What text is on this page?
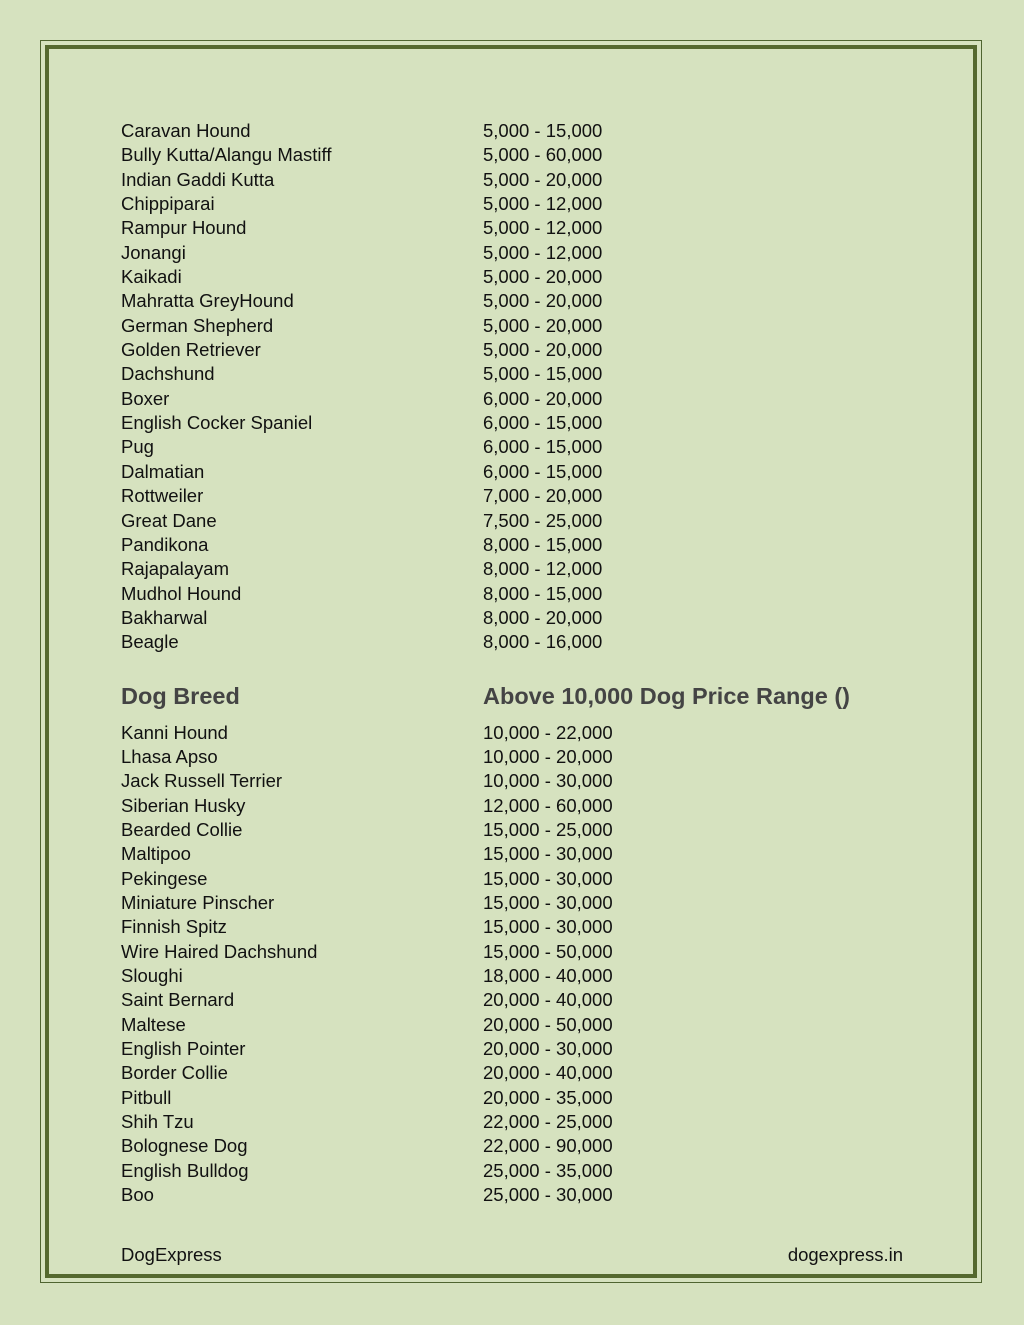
Caravan Hound	5,000 - 15,000
Bully Kutta/Alangu Mastiff	5,000 - 60,000
Indian Gaddi Kutta	5,000 - 20,000
Chippiparai	5,000 - 12,000
Rampur Hound	5,000 - 12,000
Jonangi	5,000 - 12,000
Kaikadi	5,000 - 20,000
Mahratta GreyHound	5,000 - 20,000
German Shepherd	5,000 - 20,000
Golden Retriever	5,000 - 20,000
Dachshund	5,000 - 15,000
Boxer	6,000 - 20,000
English Cocker Spaniel	6,000 - 15,000
Pug	6,000 - 15,000
Dalmatian	6,000 - 15,000
Rottweiler	7,000 - 20,000
Great Dane	7,500 - 25,000
Pandikona	8,000 - 15,000
Rajapalayam	8,000 - 12,000
Mudhol Hound	8,000 - 15,000
Bakharwal	8,000 - 20,000
Beagle	8,000 - 16,000
Dog Breed	Above 10,000 Dog Price Range ()
Kanni Hound	10,000 - 22,000
Lhasa Apso	10,000 - 20,000
Jack Russell Terrier	10,000 - 30,000
Siberian Husky	12,000 - 60,000
Bearded Collie	15,000 - 25,000
Maltipoo	15,000 - 30,000
Pekingese	15,000 - 30,000
Miniature Pinscher	15,000 - 30,000
Finnish Spitz	15,000 - 30,000
Wire Haired Dachshund	15,000 - 50,000
Sloughi	18,000 - 40,000
Saint Bernard	20,000 - 40,000
Maltese	20,000 - 50,000
English Pointer	20,000 - 30,000
Border Collie	20,000 - 40,000
Pitbull	20,000 - 35,000
Shih Tzu	22,000 - 25,000
Bolognese Dog	22,000 - 90,000
English Bulldog	25,000 - 35,000
Boo	25,000 - 30,000
DogExpress	dogexpress.in
